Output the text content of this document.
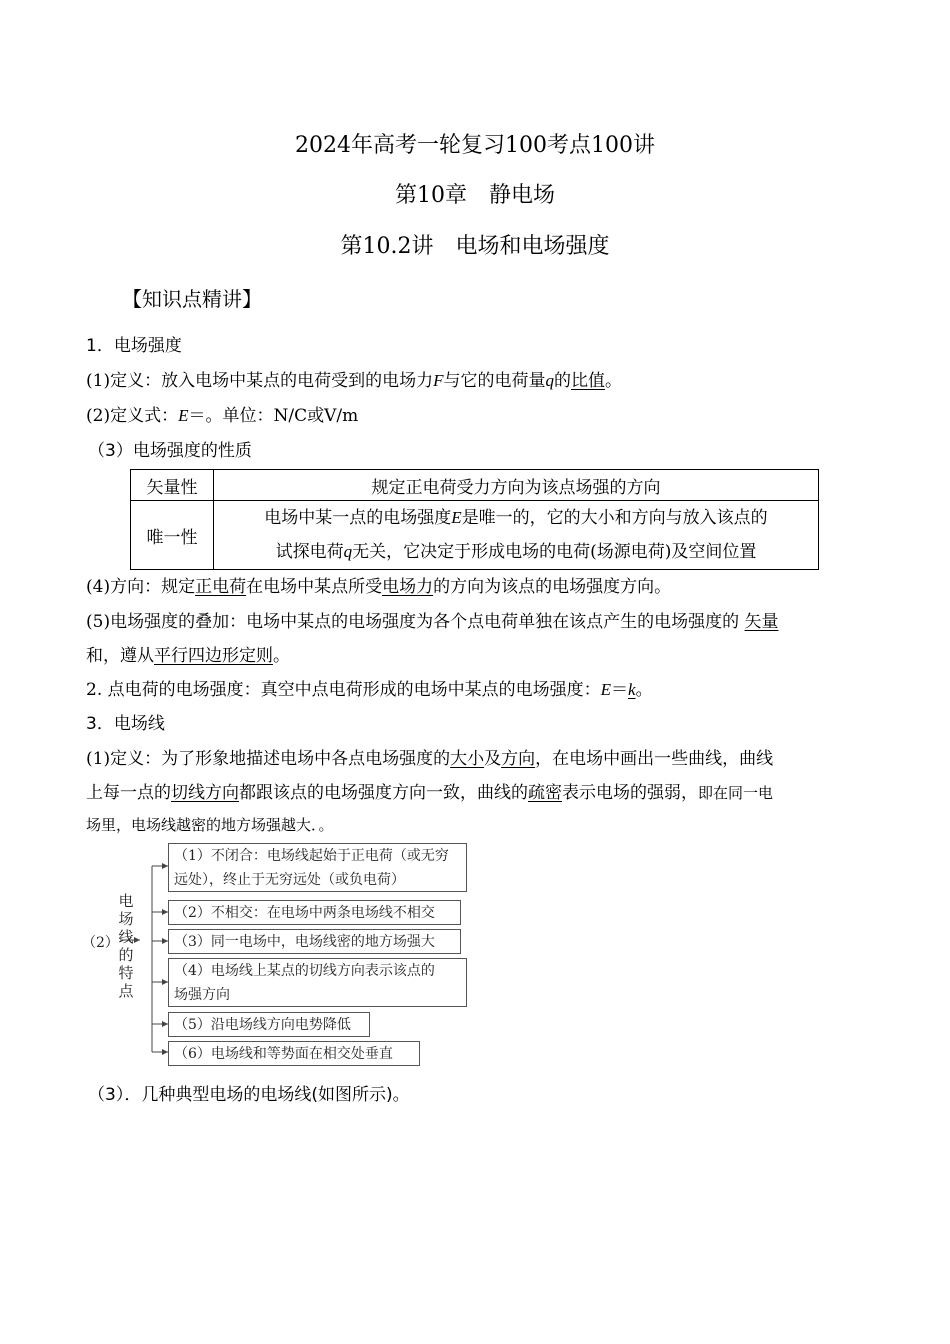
2024年高考一轮复习100考点100讲
第10章　静电场
第10.2讲　电场和电场强度
【知识点精讲】
1．电场强度
(1)定义：放入电场中某点的电荷受到的电场力F与它的电荷量q的比值。
(2)定义式：E＝。单位：N/C或V/m
（3）电场强度的性质
矢量性	规定正电荷受力方向为该点场强的方向
唯一性	电场中某一点的电场强度E是唯一的，它的大小和方向与放入该点的
试探电荷q无关，它决定于形成电场的电荷(场源电荷)及空间位置
(4)方向：规定正电荷在电场中某点所受电场力的方向为该点的电场强度方向。
(5)电场强度的叠加：电场中某点的电场强度为各个点电荷单独在该点产生的电场强度的 矢量
和，遵从平行四边形定则。
2. 点电荷的电场强度：真空中点电荷形成的电场中某点的电场强度：E＝k。
3．电场线
(1)定义：为了形象地描述电场中各点电场强度的大小及方向，在电场中画出一些曲线，曲线
上每一点的切线方向都跟该点的电场强度方向一致，曲线的疏密表示电场的强弱，即在同一电
场里，电场线越密的地方场强越大．。
（2）
电
场
线
的
特
点
（1）不闭合：电场线起始于正电荷（或无穷
远处），终止于无穷远处（或负电荷）
（2）不相交：在电场中两条电场线不相交
（3）同一电场中，电场线密的地方场强大
（4）电场线上某点的切线方向表示该点的
场强方向
（5）沿电场线方向电势降低
（6）电场线和等势面在相交处垂直
（3）．几种典型电场的电场线(如图所示)。
